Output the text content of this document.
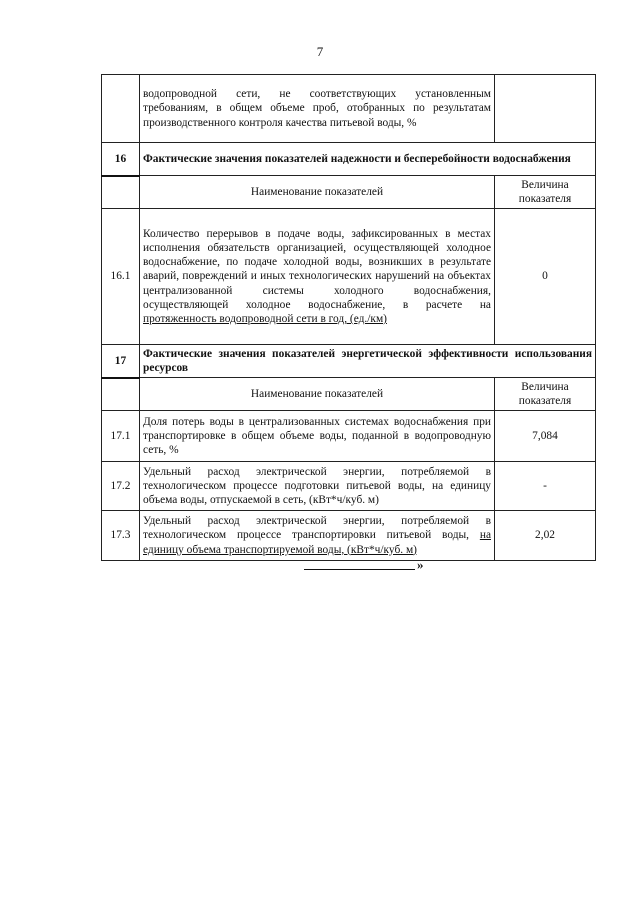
7
	водопроводной сети, не соответствующих установленным требованиям, в общем объеме проб, отобранных по результатам производственного контроля качества питьевой воды, %	
16	Фактические значения показателей надежности и бесперебойности водоснабжения	
	Наименование показателей	Величина показателя
16.1	Количество перерывов в подаче воды, зафиксированных в местах исполнения обязательств организацией, осуществляющей холодное водоснабжение, по подаче холодной воды, возникших в результате аварий, повреждений и иных технологических нарушений на объектах централизованной системы холодного водоснабжения, осуществляющей холодное водоснабжение, в расчете на протяженность водопроводной сети в год, (ед./км)	0
17	Фактические значения показателей энергетической эффективности использования ресурсов	
	Наименование показателей	Величина показателя
17.1	Доля потерь воды в централизованных системах водоснабжения при транспортировке в общем объеме воды, поданной в водопроводную сеть, %	7,084
17.2	Удельный расход электрической энергии, потребляемой в технологическом процессе подготовки питьевой воды, на единицу объема воды, отпускаемой в сеть, (кВт*ч/куб. м)	-
17.3	Удельный расход электрической энергии, потребляемой в технологическом процессе транспортировки питьевой воды, на единицу объема транспортируемой воды, (кВт*ч/куб. м)	2,02
»
